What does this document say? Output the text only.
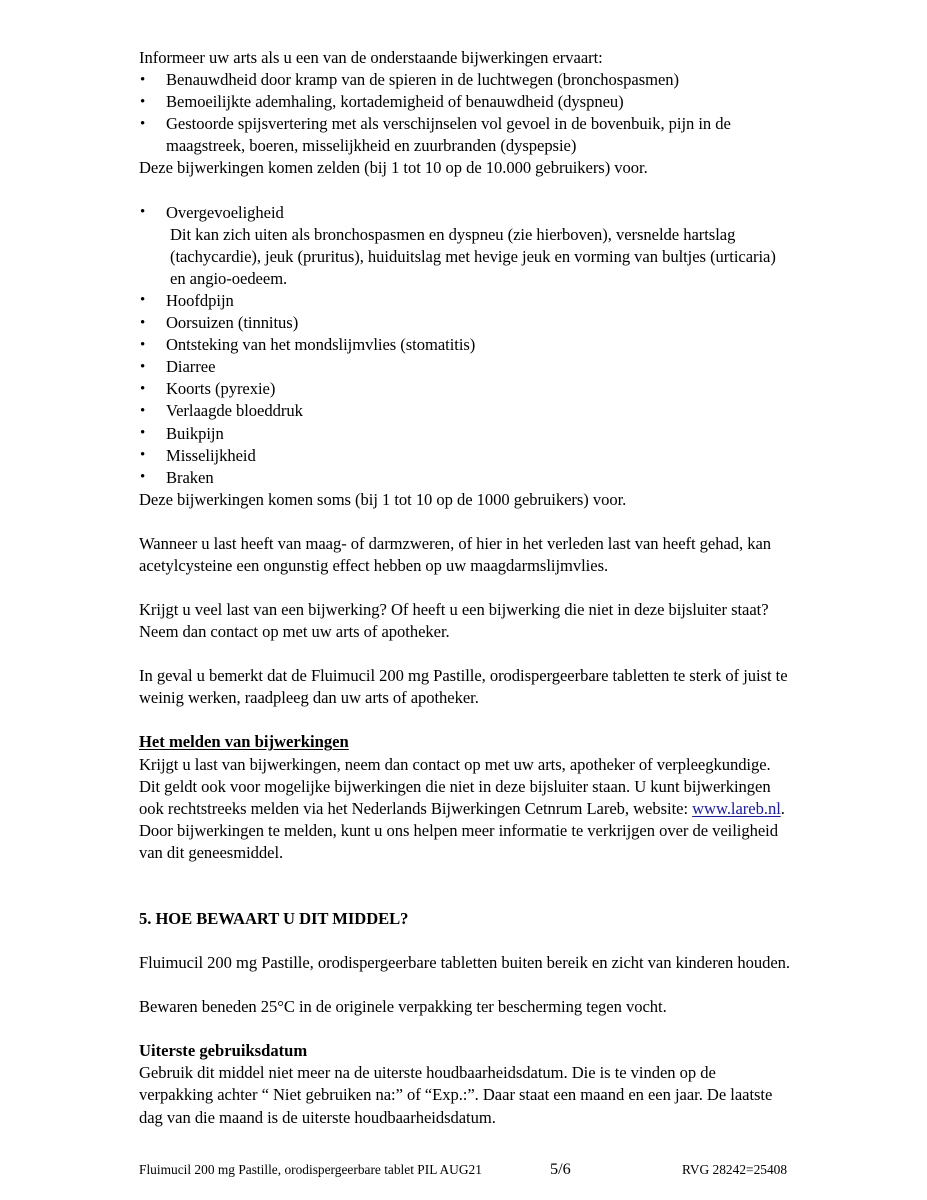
Informeer uw arts als u een van de onderstaande bijwerkingen ervaart:

• Benauwdheid door kramp van de spieren in de luchtwegen (bronchospasmen)
• Bemoeilijkte ademhaling, kortademigheid of benauwdheid (dyspneu)
• Gestoorde spijsvertering met als verschijnselen vol gevoel in de bovenbuik, pijn in de maagstreek, boeren, misselijkheid en zuurbranden (dyspepsie)

Deze bijwerkingen komen zelden (bij 1 tot 10 op de 10.000 gebruikers) voor.

• Overgevoeligheid
Dit kan zich uiten als bronchospasmen en dyspneu (zie hierboven), versnelde hartslag (tachycardie), jeuk (pruritus), huiduitslag met hevige jeuk en vorming van bultjes (urticaria) en angio-oedeem.
• Hoofdpijn
• Oorsuizen (tinnitus)
• Ontsteking van het mondslijmvlies (stomatitis)
• Diarree
• Koorts (pyrexie)
• Verlaagde bloeddruk
• Buikpijn
• Misselijkheid
• Braken

Deze bijwerkingen komen soms (bij 1 tot 10 op de 1000 gebruikers) voor.

Wanneer u last heeft van maag- of darmzweren, of hier in het verleden last van heeft gehad, kan acetylcysteine een ongunstig effect hebben op uw maagdarmslijmvlies.

Krijgt u veel last van een bijwerking? Of heeft u een bijwerking die niet in deze bijsluiter staat? Neem dan contact op met uw arts of apotheker.

In geval u bemerkt dat de Fluimucil 200 mg Pastille, orodispergeerbare tabletten te sterk of juist te weinig werken, raadpleeg dan uw arts of apotheker.

Het melden van bijwerkingen

Krijgt u last van bijwerkingen, neem dan contact op met uw arts, apotheker of verpleegkundige. Dit geldt ook voor mogelijke bijwerkingen die niet in deze bijsluiter staan. U kunt bijwerkingen ook rechtstreeks melden via het Nederlands Bijwerkingen Cetnrum Lareb, website: www.lareb.nl. Door bijwerkingen te melden, kunt u ons helpen meer informatie te verkrijgen over de veiligheid van dit geneesmiddel.

5. HOE BEWAART U DIT MIDDEL?

Fluimucil 200 mg Pastille, orodispergeerbare tabletten buiten bereik en zicht van kinderen houden.

Bewaren beneden 25°C in de originele verpakking ter bescherming tegen vocht.

Uiterste gebruiksdatum

Gebruik dit middel niet meer na de uiterste houdbaarheidsdatum. Die is te vinden op de verpakking achter “ Niet gebruiken na:” of “Exp.:”. Daar staat een maand en een jaar. De laatste dag van die maand is de uiterste houdbaarheidsdatum.

Fluimucil 200 mg Pastille, orodispergeerbare tablet PIL AUG21	5/6	RVG 28242=25408
